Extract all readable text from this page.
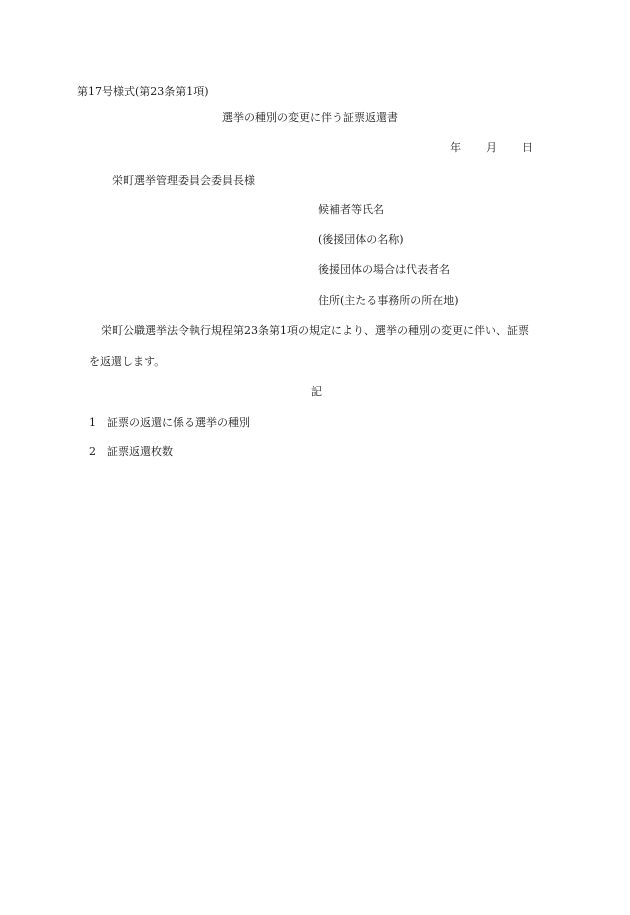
第17号様式(第23条第1項)
選挙の種別の変更に伴う証票返還書
年 月 日
栄町選挙管理委員会委員長様
候補者等氏名
(後援団体の名称)
後援団体の場合は代表者名
住所(主たる事務所の所在地)
栄町公職選挙法令執行規程第23条第1項の規定により、選挙の種別の変更に伴い、証票
を返還します。
記
1 証票の返還に係る選挙の種別
2 証票返還枚数
